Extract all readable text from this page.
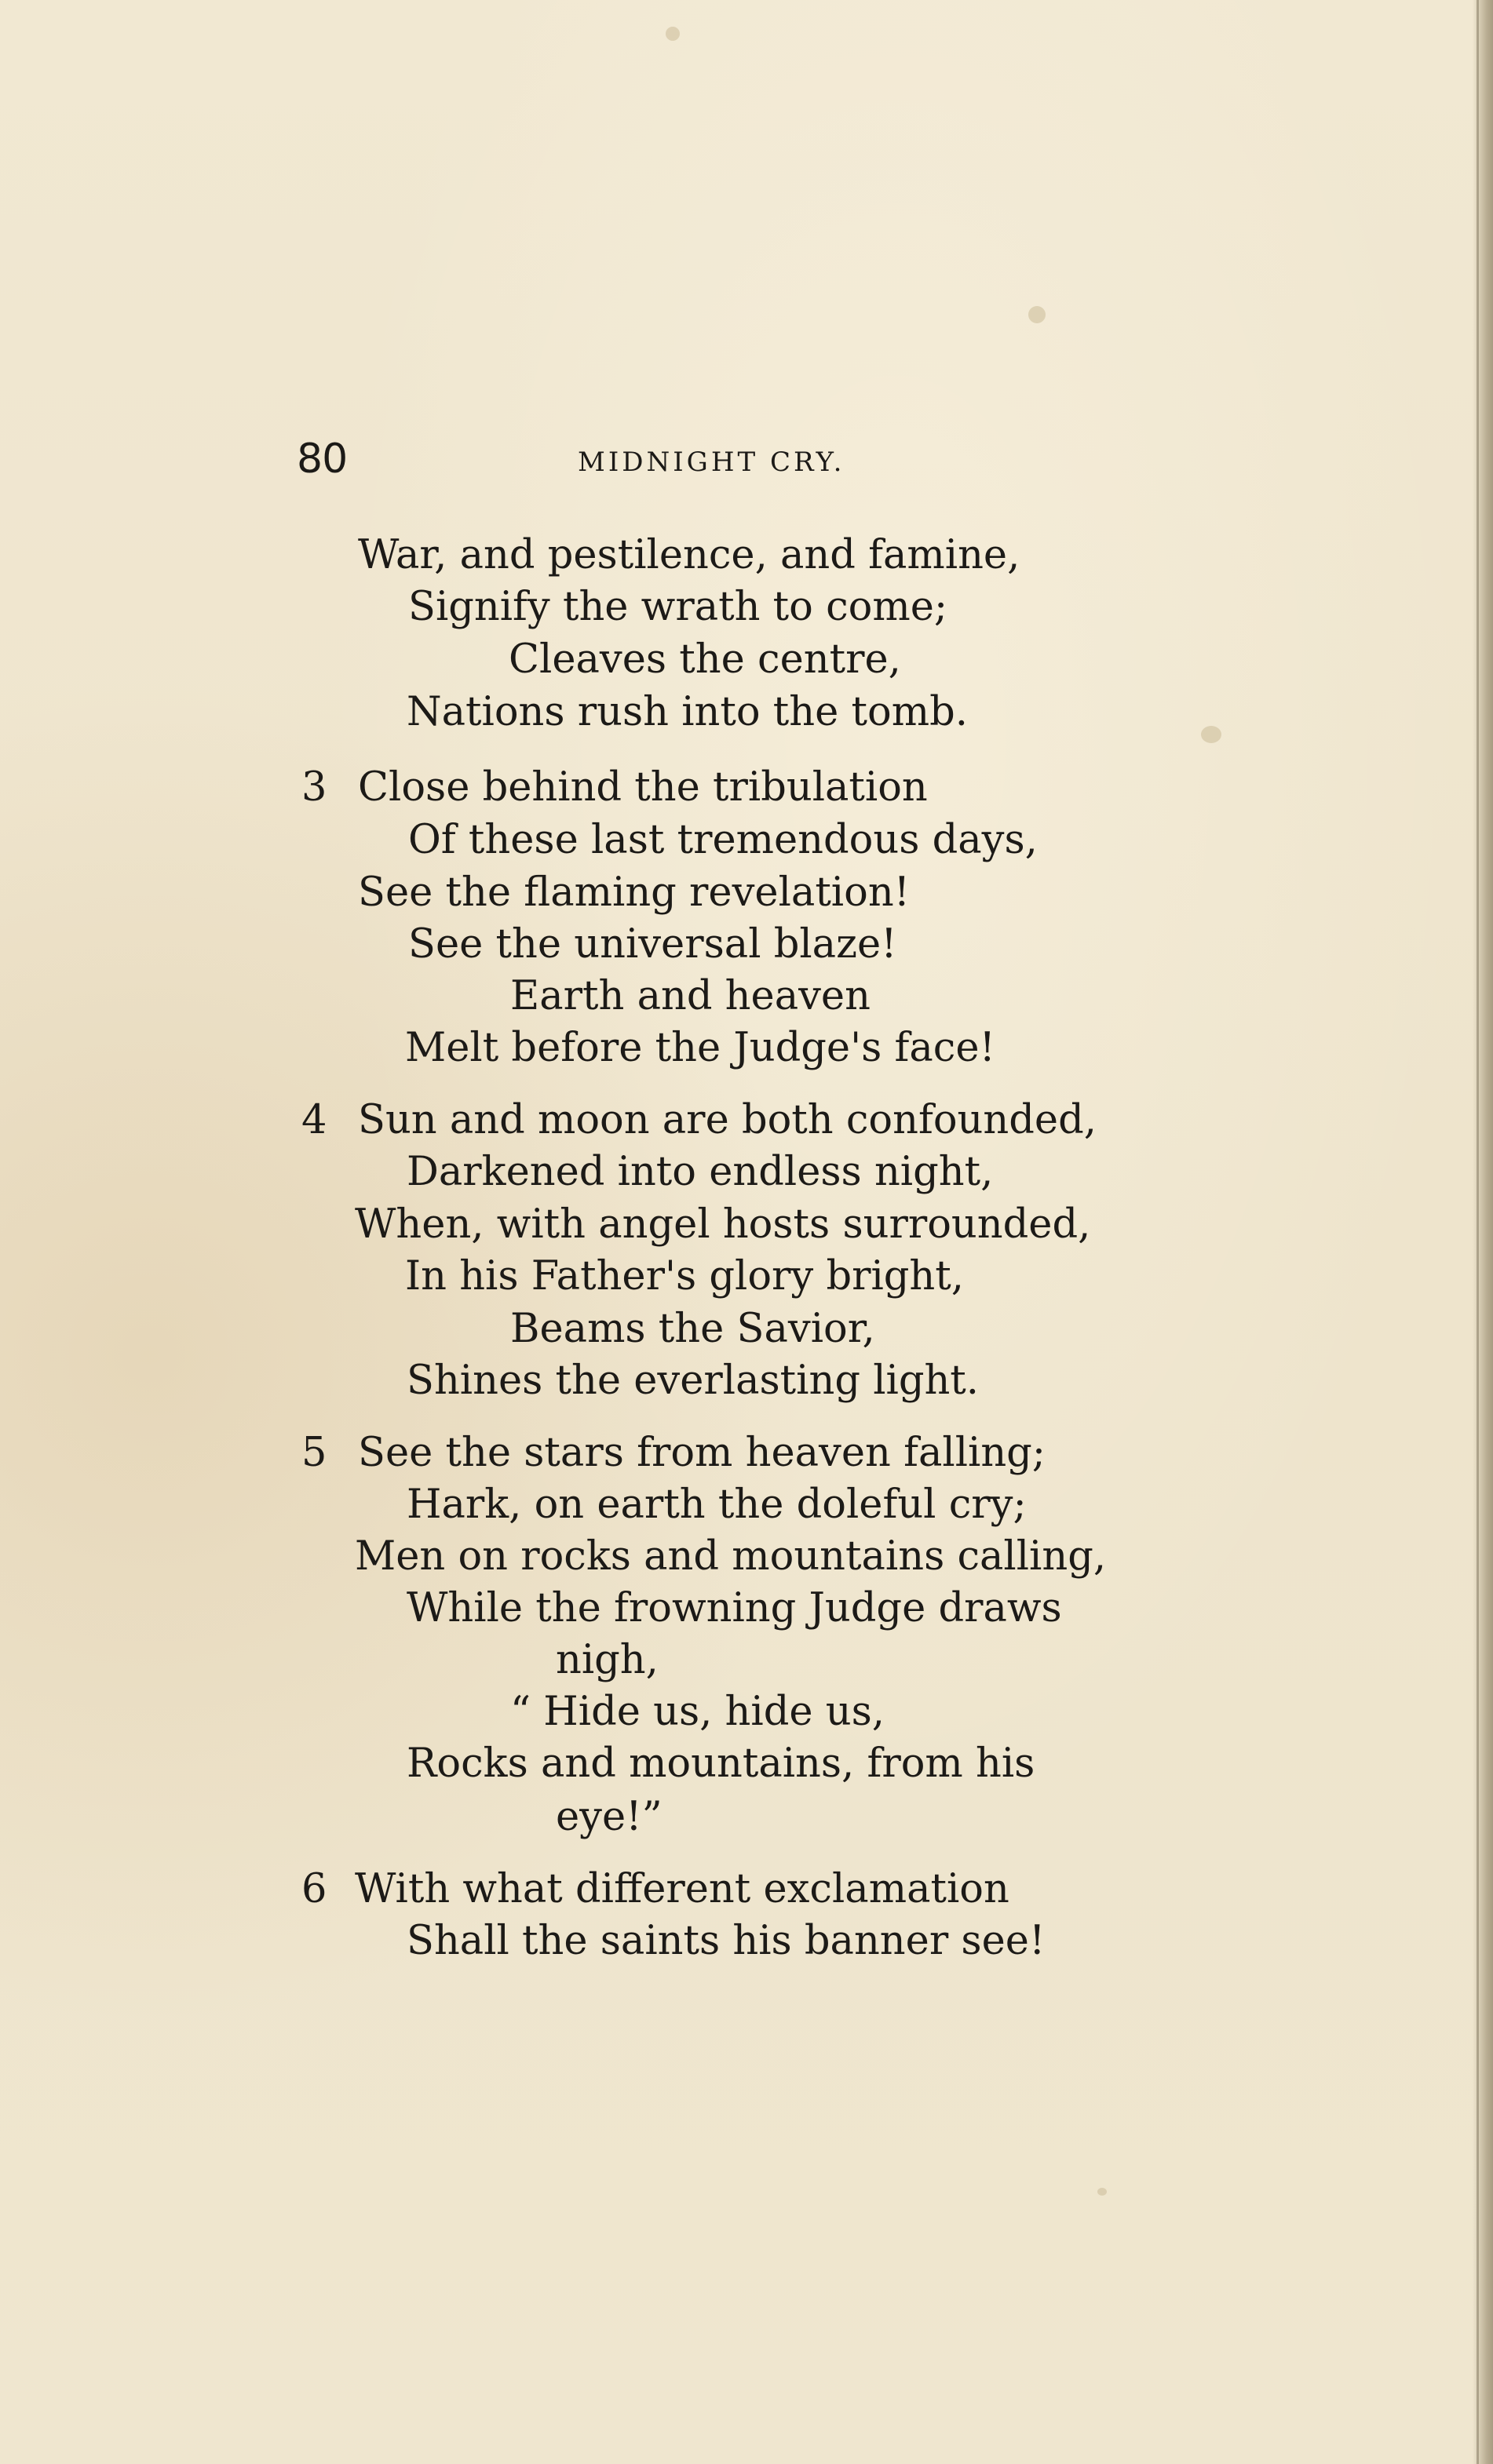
80	MIDNIGHT CRY.
War, and pestilence, and famine,
Signify the wrath to come;
Cleaves the centre,
Nations rush into the tomb.
3 Close behind the tribulation
Of these last tremendous days,
See the flaming revelation!
See the universal blaze!
Earth and heaven
Melt before the Judge's face!
4 Sun and moon are both confounded,
Darkened into endless night,
When, with angel hosts surrounded,
In his Father's glory bright,
Beams the Savior,
Shines the everlasting light.
5 See the stars from heaven falling;
Hark, on earth the doleful cry;
Men on rocks and mountains calling,
While the frowning Judge draws
nigh,
“ Hide us, hide us,
Rocks and mountains, from his
eye!”
6 With what different exclamation
Shall the saints his banner see!
